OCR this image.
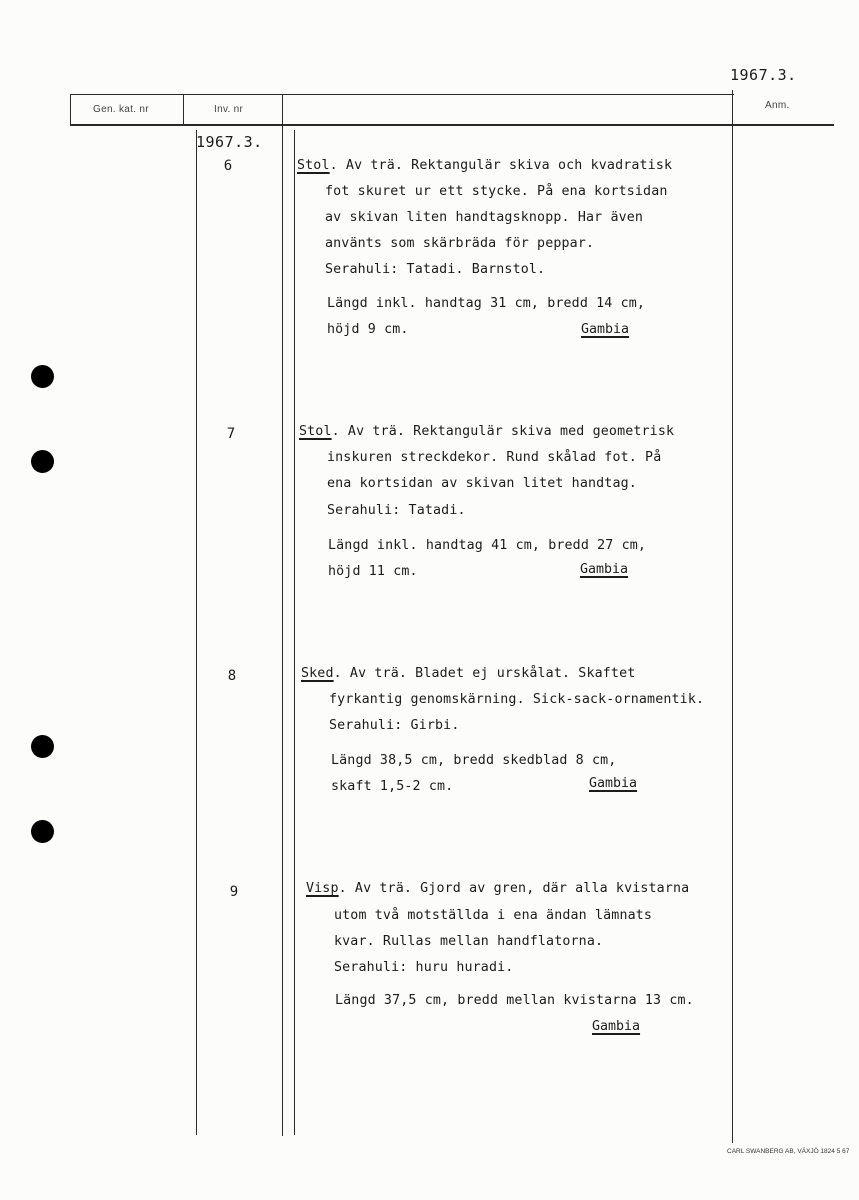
1967.3.
Gen. kat. nr	Inv. nr	Anm.
1967.3.
6	Stol. Av trä. Rektangulär skiva och kvadratisk
fot skuret ur ett stycke. På ena kortsidan
av skivan liten handtagsknopp. Har även
använts som skärbräda för peppar.
Serahuli: Tatadi. Barnstol.
Längd inkl. handtag 31 cm, bredd 14 cm,
höjd 9 cm.	Gambia
7	Stol. Av trä. Rektangulär skiva med geometrisk
inskuren streckdekor. Rund skålad fot. På
ena kortsidan av skivan litet handtag.
Serahuli: Tatadi.
Längd inkl. handtag 41 cm, bredd 27 cm,
höjd 11 cm.	Gambia
8	Sked. Av trä. Bladet ej urskålat. Skaftet
fyrkantig genomskärning. Sick-sack-ornamentik.
Serahuli: Girbi.
Längd 38,5 cm, bredd skedblad 8 cm,
skaft 1,5-2 cm.	Gambia
9	Visp. Av trä. Gjord av gren, där alla kvistarna
utom två motställda i ena ändan lämnats
kvar. Rullas mellan handflatorna.
Serahuli: huru huradi.
Längd 37,5 cm, bredd mellan kvistarna 13 cm.
Gambia
CARL SWANBERG AB, VÄXJÖ 1824 5 67
